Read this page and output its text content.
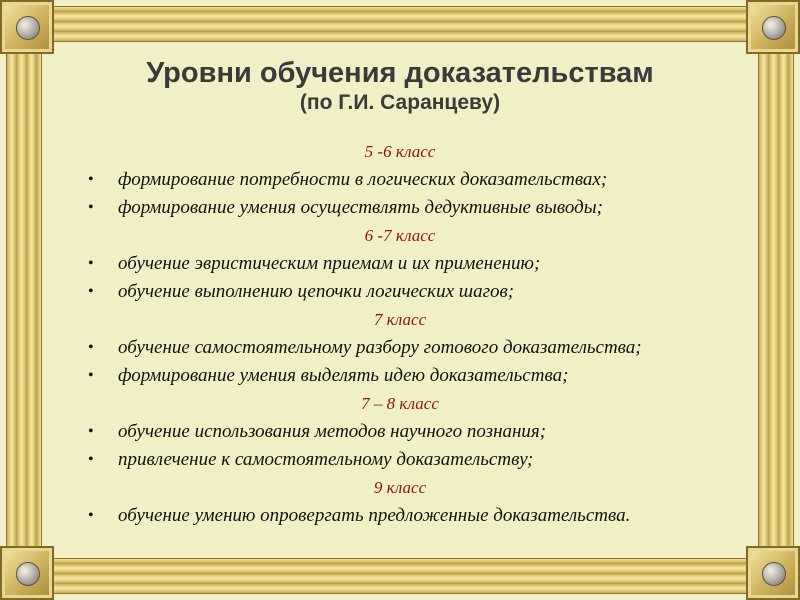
Уровни обучения доказательствам
(по Г.И. Саранцеву)
5 -6 класс
• формирование потребности в логических доказательствах;
• формирование умения осуществлять дедуктивные выводы;
6 -7 класс
• обучение эвристическим приемам и их применению;
• обучение выполнению цепочки логических шагов;
7 класс
• обучение самостоятельному разбору готового доказательства;
• формирование умения выделять идею доказательства;
7 – 8 класс
• обучение использования методов научного познания;
• привлечение к самостоятельному доказательству;
9 класс
• обучение умению опровергать предложенные доказательства.
